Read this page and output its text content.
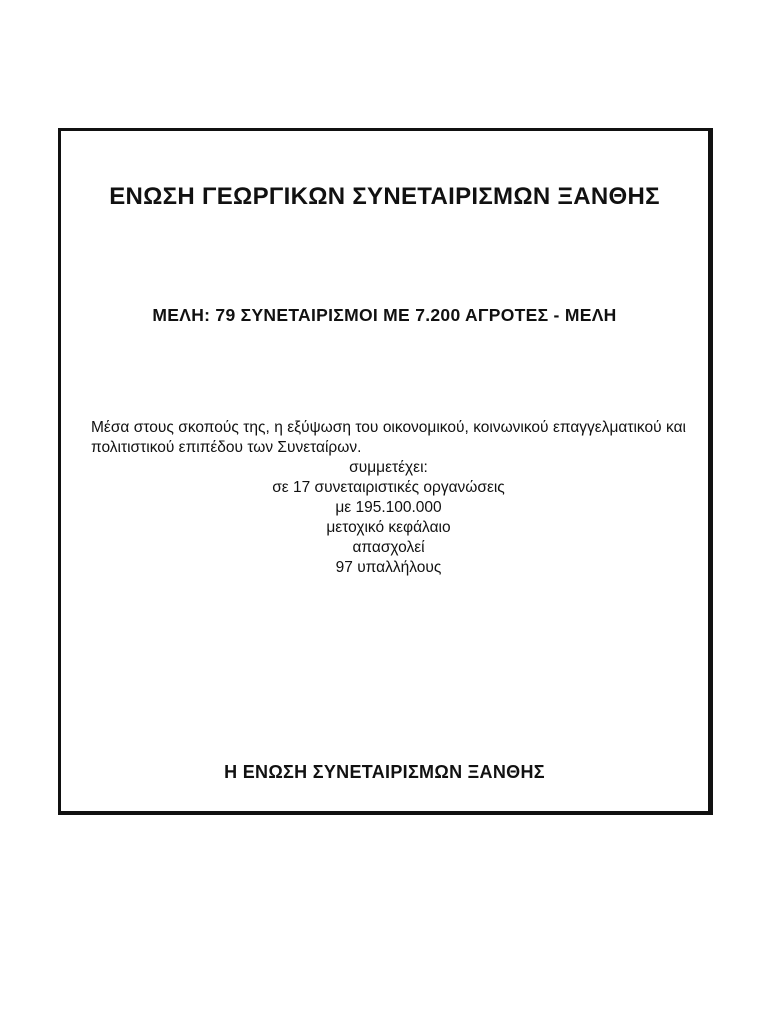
ΕΝΩΣΗ ΓΕΩΡΓΙΚΩΝ ΣΥΝΕΤΑΙΡΙΣΜΩΝ ΞΑΝΘΗΣ
ΜΕΛΗ: 79 ΣΥΝΕΤΑΙΡΙΣΜΟΙ ΜΕ 7.200 ΑΓΡΟΤΕΣ - ΜΕΛΗ

Μέσα στους σκοπούς της, η εξύψωση του οικονομικού, κοινωνικού επαγγελματικού και πολιτιστικού επιπέδου των Συνεταίρων.

συμμετέχει:

σε 17 συνεταιριστικές οργανώσεις

με 195.100.000

μετοχικό κεφάλαιο

απασχολεί

97 υπαλλήλους

Η ΕΝΩΣΗ ΣΥΝΕΤΑΙΡΙΣΜΩΝ ΞΑΝΘΗΣ
